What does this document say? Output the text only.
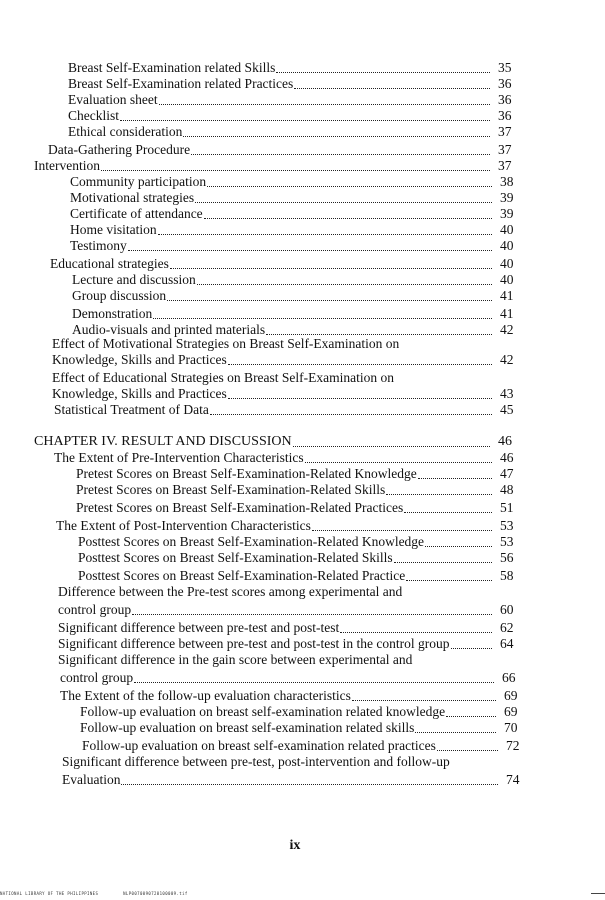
Breast Self-Examination related Skills	35
Breast Self-Examination related Practices	36
Evaluation sheet	36
Checklist	36
Ethical consideration	37
Data-Gathering Procedure	37
Intervention	37
Community participation	38
Motivational strategies	39
Certificate of attendance	39
Home visitation	40
Testimony	40
Educational strategies	40
Lecture and discussion	40
Group discussion	41
Demonstration	41
Audio-visuals and printed materials	42
Effect of Motivational Strategies on Breast Self-Examination on
Knowledge, Skills and Practices	42
Effect of Educational Strategies on Breast Self-Examination on
Knowledge, Skills and Practices	43
Statistical Treatment of Data	45
CHAPTER IV. RESULT AND DISCUSSION	46
The Extent of Pre-Intervention Characteristics	46
Pretest Scores on Breast Self-Examination-Related Knowledge	47
Pretest Scores on Breast Self-Examination-Related Skills	48
Pretest Scores on Breast Self-Examination-Related Practices	51
The Extent of Post-Intervention Characteristics	53
Posttest Scores on Breast Self-Examination-Related Knowledge	53
Posttest Scores on Breast Self-Examination-Related Skills	56
Posttest Scores on Breast Self-Examination-Related Practice	58
Difference between the Pre-test scores among experimental and
control group	60
Significant difference between pre-test and post-test	62
Significant difference between pre-test and post-test in the control group	64
Significant difference in the gain score between experimental and
control group	66
The Extent of the follow-up evaluation characteristics	69
Follow-up evaluation on breast self-examination related knowledge	69
Follow-up evaluation on breast self-examination related skills	70
Follow-up evaluation on breast self-examination related practices	72
Significant difference between pre-test, post-intervention and follow-up
Evaluation	74
ix
NATIONAL LIBRARY OF THE PHILIPPINES	NLP0070090720100009.tif
